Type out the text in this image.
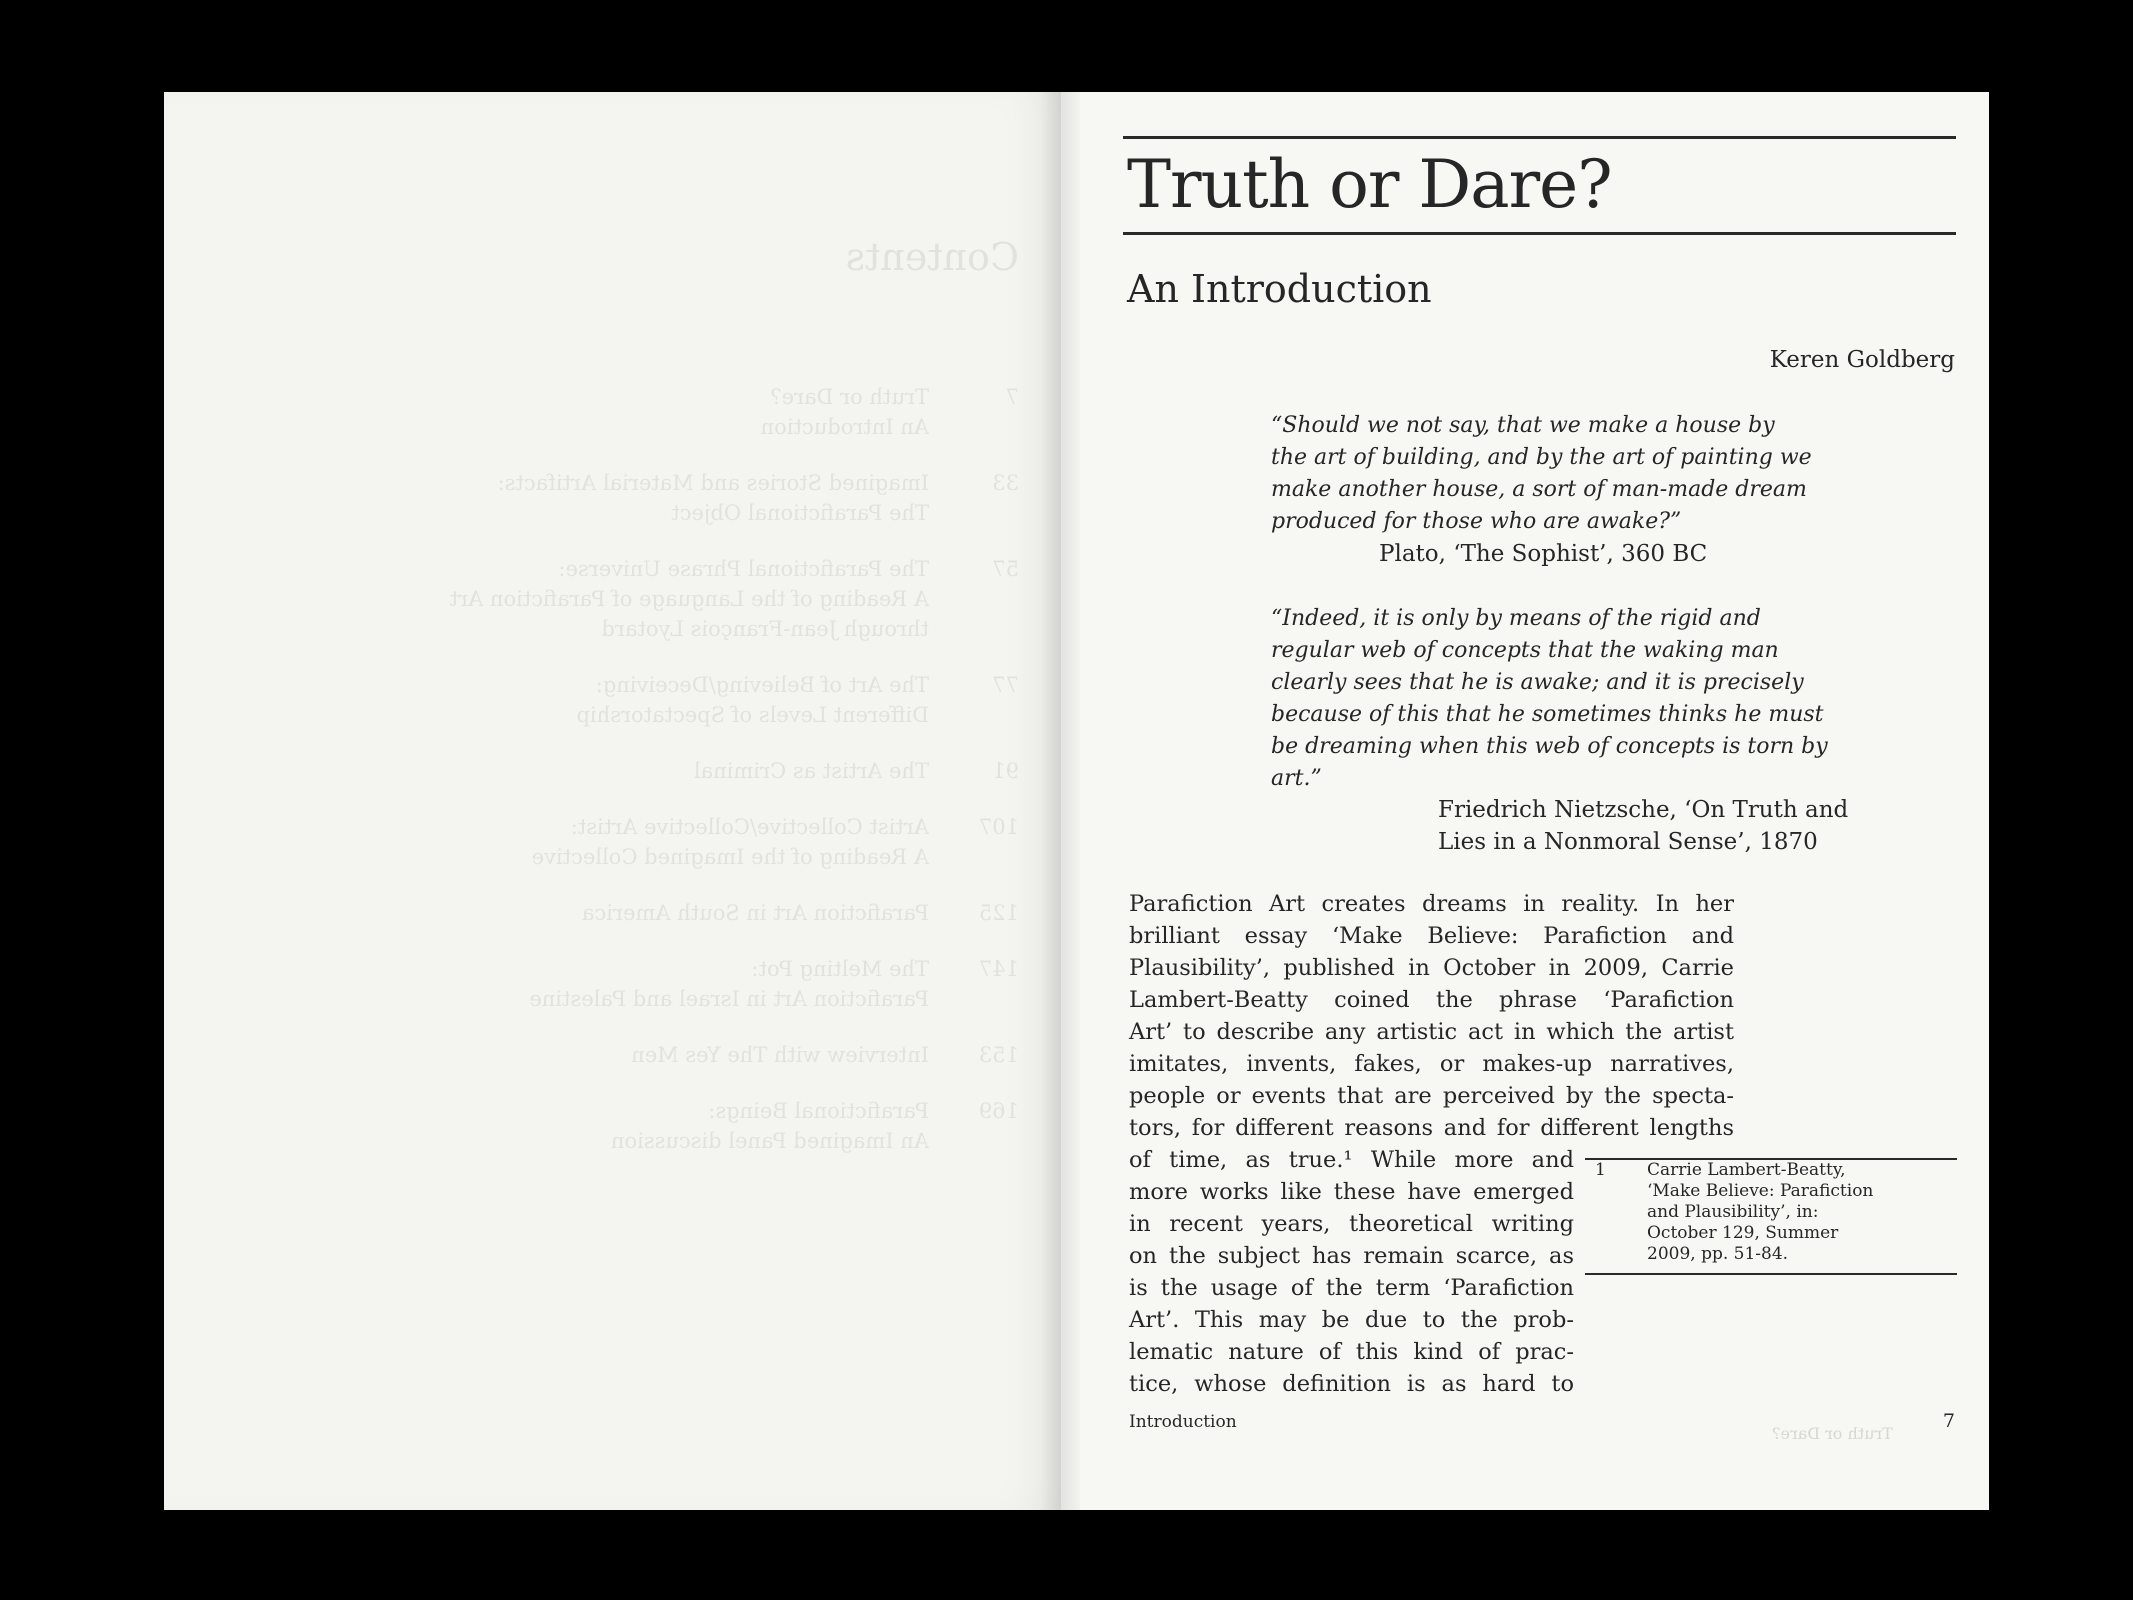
Contents
7
Truth or Dare?
An Introduction
33
Imagined Stories and Material Artifacts:
The Parafictional Object
57
The Parafictional Phrase Universe:
A Reading of the Language of Parafiction Art
through Jean-François Lyotard
77
The Art of Believing/Deceiving:
Different Levels of Spectatorship
91
The Artist as Criminal
107
Artist Collective/Collective Artist:
A Reading of the Imagined Collective
125
Parafiction Art in South America
147
The Melting Pot:
Parafiction Art in Israel and Palestine
153
Interview with The Yes Men
169
Parafictional Beings:
An Imagined Panel discussion
Truth or Dare?
An Introduction
Keren Goldberg
“Should we not say, that we make a house by
the art of building, and by the art of painting we
make another house, a sort of man-made dream
produced for those who are awake?”
Plato, ‘The Sophist’, 360 BC
“Indeed, it is only by means of the rigid and
regular web of concepts that the waking man
clearly sees that he is awake; and it is precisely
because of this that he sometimes thinks he must
be dreaming when this web of concepts is torn by
art.”
Friedrich Nietzsche, ‘On Truth and
Lies in a Nonmoral Sense’, 1870
Parafiction Art creates dreams in reality. In her
brilliant essay ‘Make Believe: Parafiction and
Plausibility’, published in October in 2009, Carrie
Lambert-Beatty coined the phrase ‘Parafiction
Art’ to describe any artistic act in which the artist
imitates, invents, fakes, or makes-up narratives,
people or events that are perceived by the specta-
tors, for different reasons and for different lengths
of time, as true.¹ While more and
more works like these have emerged
in recent years, theoretical writing
on the subject has remain scarce, as
is the usage of the term ‘Parafiction
Art’. This may be due to the prob-
lematic nature of this kind of prac-
tice, whose definition is as hard to
1	Carrie Lambert-Beatty,
‘Make Believe: Parafiction
and Plausibility’, in:
October 129, Summer
2009, pp. 51-84.
Introduction
Truth or Dare?
7
